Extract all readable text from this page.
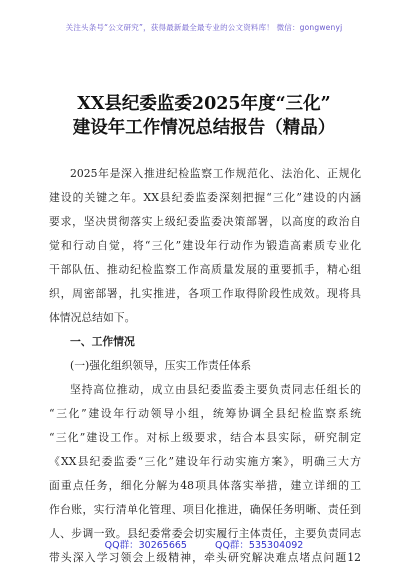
关注头条号“公文研究”，获得最新最全最专业的公文资料库！ 微信：gongwenyj
XX县纪委监委2025年度“三化”
建设年工作情况总结报告（精品）
2025年是深入推进纪检监察工作规范化、法治化、正规化
建设的关键之年。XX县纪委监委深刻把握“三化”建设的内涵
要求，坚决贯彻落实上级纪委监委决策部署，以高度的政治自
觉和行动自觉，将“三化”建设年行动作为锻造高素质专业化
干部队伍、推动纪检监察工作高质量发展的重要抓手，精心组
织，周密部署，扎实推进，各项工作取得阶段性成效。现将具
体情况总结如下。
一、工作情况
(一)强化组织领导，压实工作责任体系
坚持高位推动，成立由县纪委监委主要负责同志任组长的
“三化”建设年行动领导小组，统筹协调全县纪检监察系统
“三化”建设工作。对标上级要求，结合本县实际，研究制定
《XX县纪委监委“三化”建设年行动实施方案》，明确三大方
面重点任务，细化分解为48项具体落实举措，建立详细的工
作台账，实行清单化管理、项目化推进，确保任务明晰、责任到
人、步调一致。县纪委常委会切实履行主体责任，主要负责同志
带头深入学习领会上级精神，牵头研究解决难点堵点问题12
QQ群：30265665	QQ群：535304092
